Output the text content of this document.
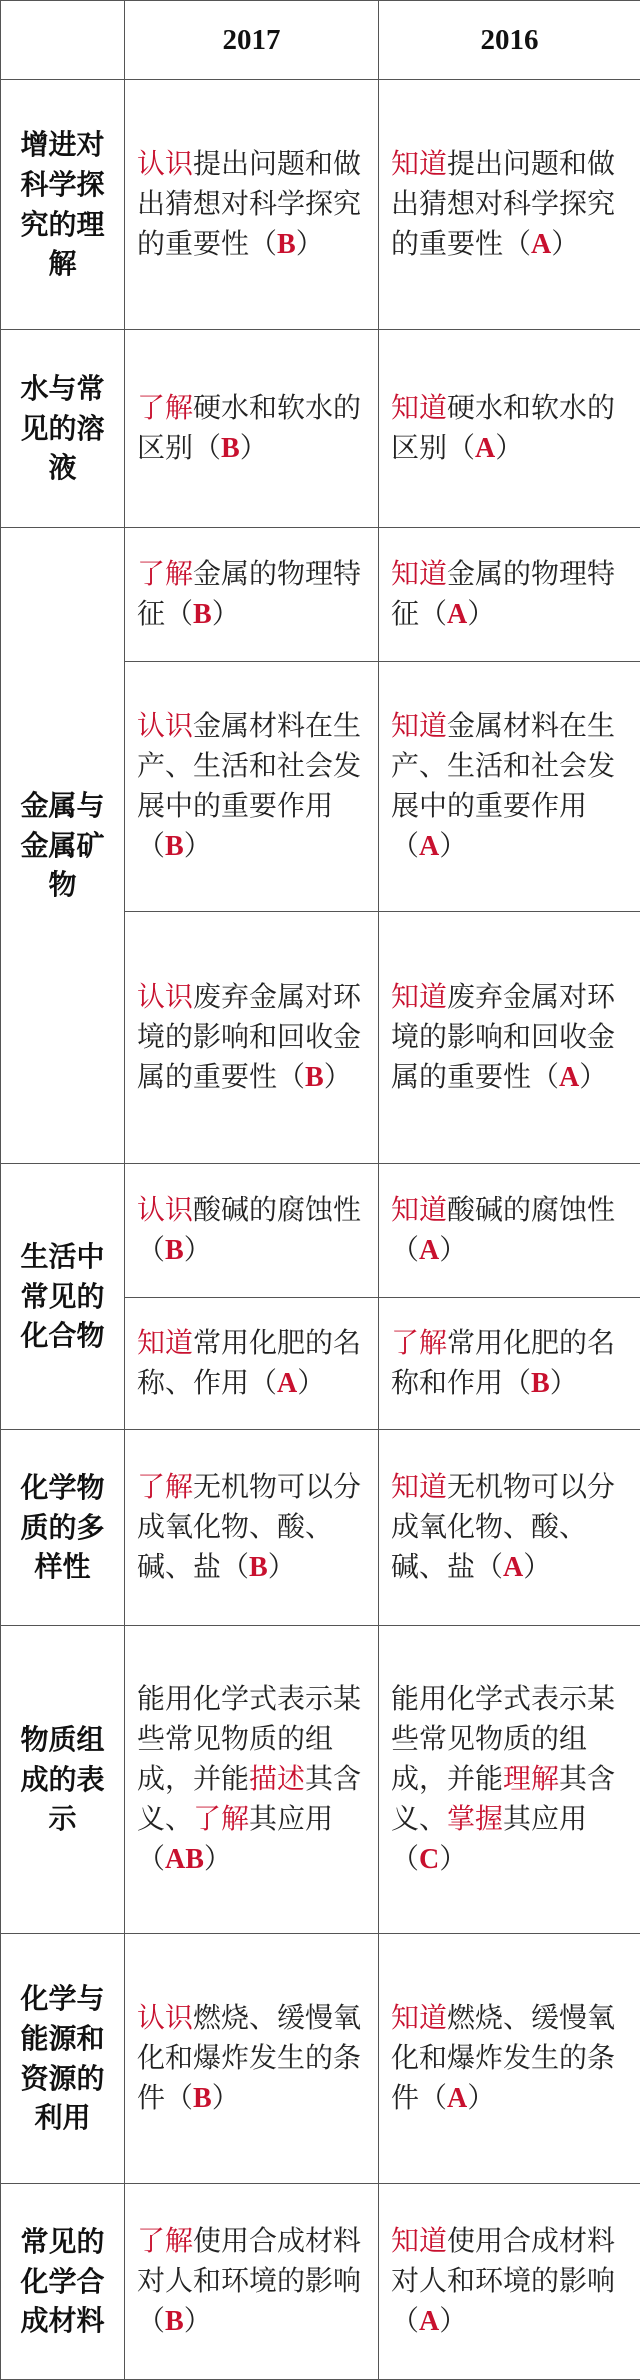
	2017	2016
增进对科学探究的理解	认识提出问题和做出猜想对科学探究的重要性（B）	知道提出问题和做出猜想对科学探究的重要性（A）
水与常见的溶液	了解硬水和软水的区别（B）	知道硬水和软水的区别（A）
金属与金属矿物	了解金属的物理特征（B）	知道金属的物理特征（A）
	认识金属材料在生产、生活和社会发展中的重要作用（B）	知道金属材料在生产、生活和社会发展中的重要作用（A）
	认识废弃金属对环境的影响和回收金属的重要性（B）	知道废弃金属对环境的影响和回收金属的重要性（A）
生活中常见的化合物	认识酸碱的腐蚀性（B）	知道酸碱的腐蚀性（A）
	知道常用化肥的名称、作用（A）	了解常用化肥的名称和作用（B）
化学物质的多样性	了解无机物可以分成氧化物、酸、碱、盐（B）	知道无机物可以分成氧化物、酸、碱、盐（A）
物质组成的表示	能用化学式表示某些常见物质的组成，并能描述其含义、了解其应用（AB）	能用化学式表示某些常见物质的组成，并能理解其含义、掌握其应用（C）
化学与能源和资源的利用	认识燃烧、缓慢氧化和爆炸发生的条件（B）	知道燃烧、缓慢氧化和爆炸发生的条件（A）
常见的化学合成材料	了解使用合成材料对人和环境的影响（B）	知道使用合成材料对人和环境的影响（A）
